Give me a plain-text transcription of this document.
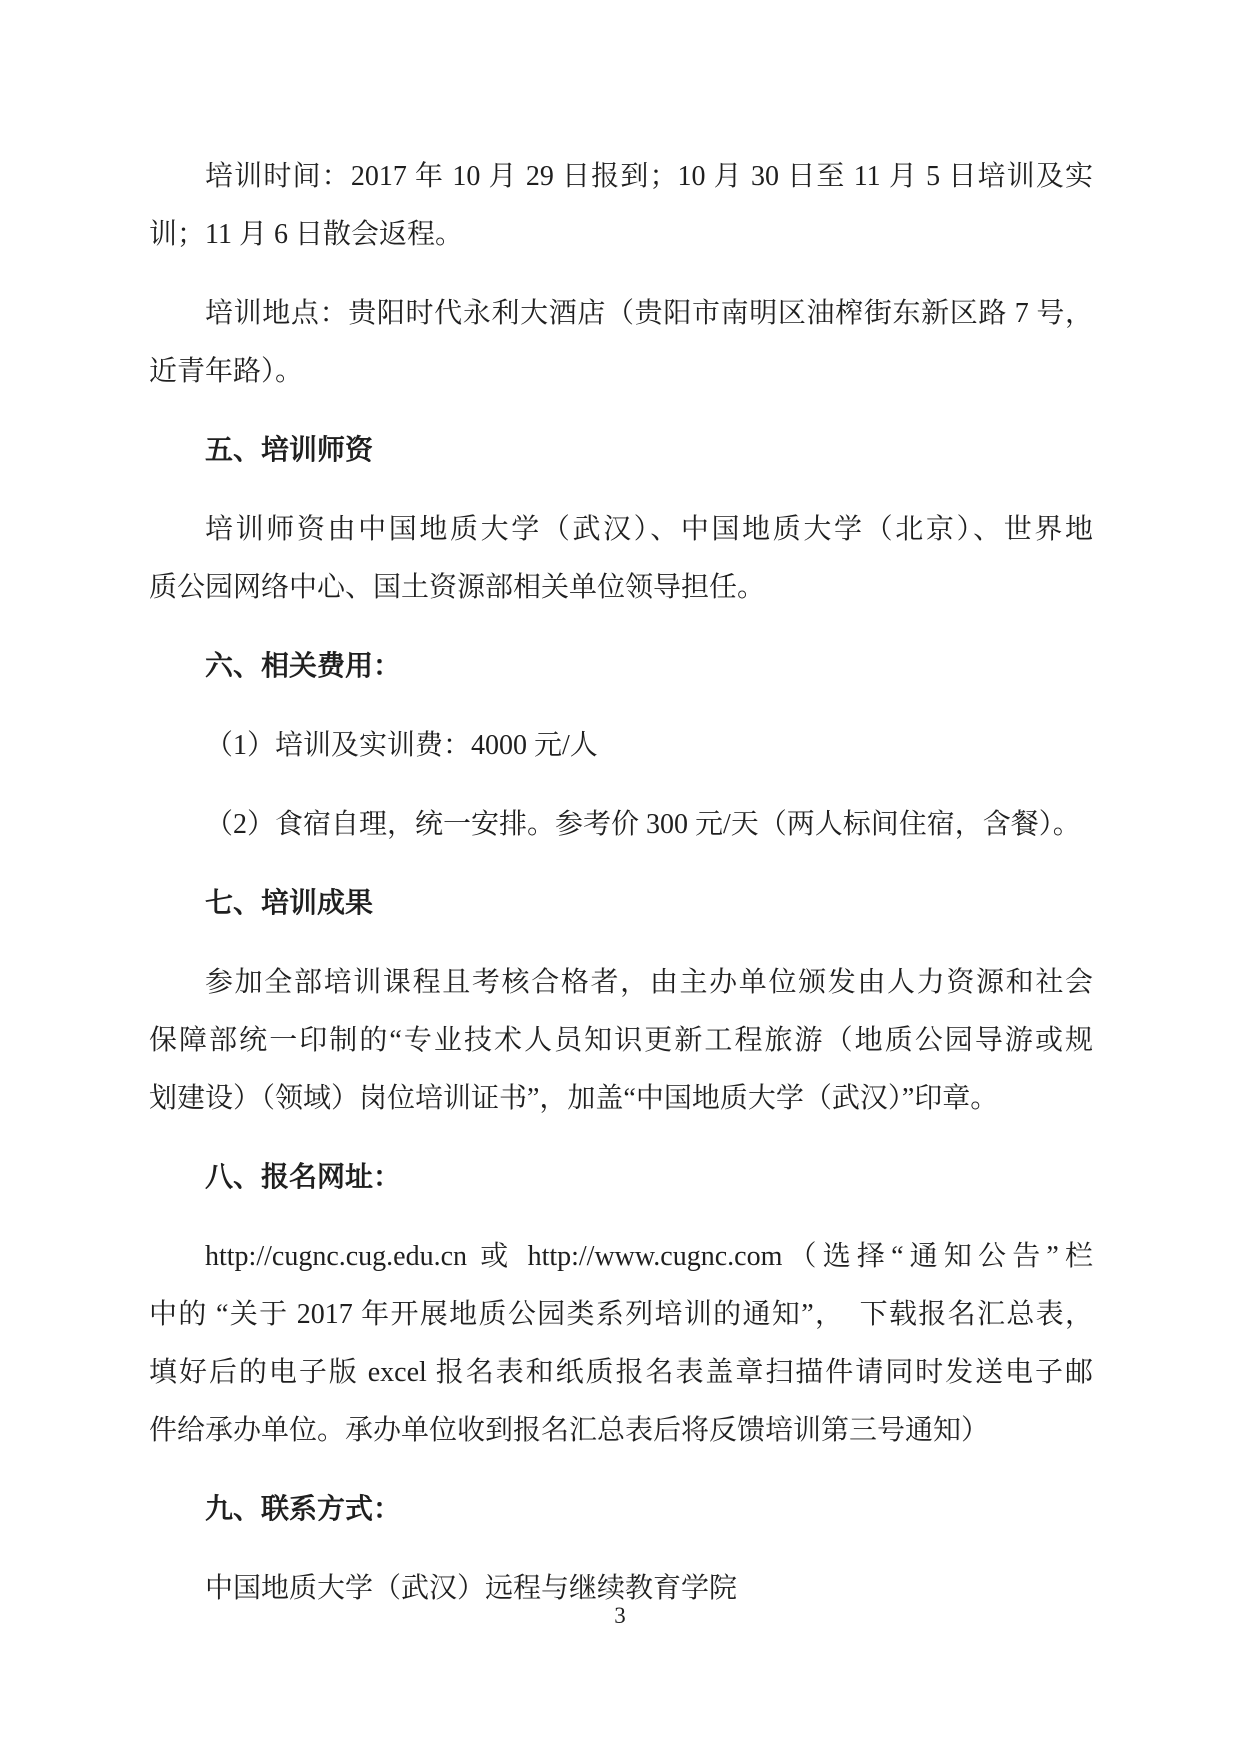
培训时间：2017 年 10 月 29 日报到；10 月 30 日至 11 月 5 日培训及实
训；11 月 6 日散会返程。
培训地点：贵阳时代永利大酒店（贵阳市南明区油榨街东新区路 7 号，
近青年路）。
五、培训师资
培训师资由中国地质大学（武汉）、中国地质大学（北京）、世界地
质公园网络中心、国土资源部相关单位领导担任。
六、相关费用：
（1）培训及实训费：4000 元/人
（2）食宿自理，统一安排。参考价 300 元/天（两人标间住宿，含餐）。
七、培训成果
参加全部培训课程且考核合格者，由主办单位颁发由人力资源和社会
保障部统一印制的“专业技术人员知识更新工程旅游（地质公园导游或规
划建设）（领域）岗位培训证书”，加盖“中国地质大学（武汉）”印章。
八、报名网址：
http://cugnc.cug.edu.cn 或 http://www.cugnc.com（选择“通知公告”栏
中的 “关于 2017 年开展地质公园类系列培训的通知”，　下载报名汇总表，
填好后的电子版 excel 报名表和纸质报名表盖章扫描件请同时发送电子邮
件给承办单位。承办单位收到报名汇总表后将反馈培训第三号通知）
九、联系方式：
中国地质大学（武汉）远程与继续教育学院
3
